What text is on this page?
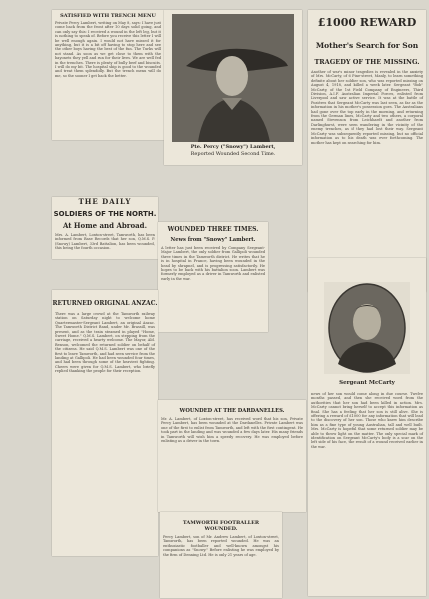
SATISFIED WITH TRENCH MENU

Private Percy Lambert, writing on May 8, says: I have just come back from the front after 10 days solid going, and can only say this: I received a wound in the left leg, but it is nothing to speak of. Before you receive this letter I will be well enough again. I would not have missed it for anything, but it is a bit off having to stop here and see the other boys having the best of the fun. The Turks will not stand. As soon as we get close to them with the bayonets they yell and run for their lives. We are well fed in the trenches. There is plenty of bully beef and biscuits. I will do my bit. The hospital ship is good to the wounded and treat them splendidly. But the trench menu will do me, so the sooner I get back the better.

Pte. Percy ("Snowy") Lambert,
Reported Wounded Second Time.

£1000 REWARD

Mother's Search for Son

TRAGEDY OF THE MISSING.

Another of war's minor tragedies is revealed in the anxiety of Mrs. McCarty, of 6 Pine-street, Manly, to learn something definite about her soldier son, who was reported missing on August 4, 1918, and killed a week later. Sergeant "Bob" McCarty, of the 1st Field Company of Engineers, Third Division, A.I.F. Australian Imperial Forces, enlisted from Liverpool and saw active service. It was at the battle of Pozières that Sergeant McCarty was last seen, as far as the information in his mother's possession goes. The Australians had gone over the top early in the morning, and returning from the German lines, McCarty and two others, a corporal named Stevenson from Leichhardt and another from Darlinghurst, were seen wandering in the vicinity of the enemy trenches, as if they had lost their way. Sergeant McCarty was subsequently reported missing, but no official information as to his death was ever forthcoming. The mother has kept on searching for him.

THE DAILY

SOLDIERS OF THE NORTH.

At Home and Abroad.

Mrs. A. Lambert, Loxton-street, Tamworth, has been informed from Base Records that her son, Q.M.S. P. (Snowy) Lambert, 33rd Battalion, has been wounded, this being the fourth occasion.

WOUNDED THREE TIMES.

News from "Snowy" Lambert.

A letter has just been received by Company Sergeant-Major Lambert, the only soldier from Gallipoli wounded three times in the Tamworth district. He writes that he is in hospital in France, having been wounded in the head by shrapnel, and is progressing satisfactorily. He hopes to be back with his battalion soon. Lambert was formerly employed as a driver in Tamworth and enlisted early in the war.

RETURNED ORIGINAL ANZAC.

There was a large crowd at the Tamworth railway station on Saturday night to welcome home Quartermaster-Sergeant Lambert, an original Anzac. The Tamworth District Band, under Mr. Brassill, was present, and as the train steamed in played "Home, Sweet Home." Q.M.S. Lambert, on stepping from the carriage, received a hearty welcome. The Mayor, Ald. Benson, welcomed the returned soldier on behalf of the citizens. He said Q.M.S. Lambert was one of the first to leave Tamworth, and had seen service from the landing at Gallipoli. He had been wounded four times, and had been through some of the heaviest fighting. Cheers were given for Q.M.S. Lambert, who briefly replied thanking the people for their reception.

Sergeant McCarty

news of her son would come along in due course. Twelve months passed, and then she received word from the authorities that her son had been killed in action. Mrs. McCarty cannot bring herself to accept this information as final. She has a feeling that her son is still alive. She is offering a reward of £1000 for any information that will lead to the discovery of her son. Those who knew him describe him as a fine type of young Australian, tall and well built. Mrs. McCarty is hopeful that some returned soldier may be able to throw light on the matter. The only special mark of identification on Sergeant McCarty's body is a scar on the left side of his face, the result of a wound received earlier in the war.

WOUNDED AT THE DARDANELLES.

Mr. A. Lambert, of Loxton-street, has received word that his son, Private Percy Lambert, has been wounded at the Dardanelles. Private Lambert was one of the first to enlist from Tamworth, and left with the first contingent. He took part in the landing and was wounded a few days later. His many friends in Tamworth will wish him a speedy recovery. He was employed before enlisting as a driver in the town.

TAMWORTH FOOTBALLER WOUNDED.

Percy Lambert, son of Mr. Andrew Lambert, of Loxton-street, Tamworth, has been reported wounded. He was an enthusiastic footballer and well-known amongst his companions as "Snowy." Before enlisting he was employed by the firm of Denning Ltd. He is only 21 years of age.
